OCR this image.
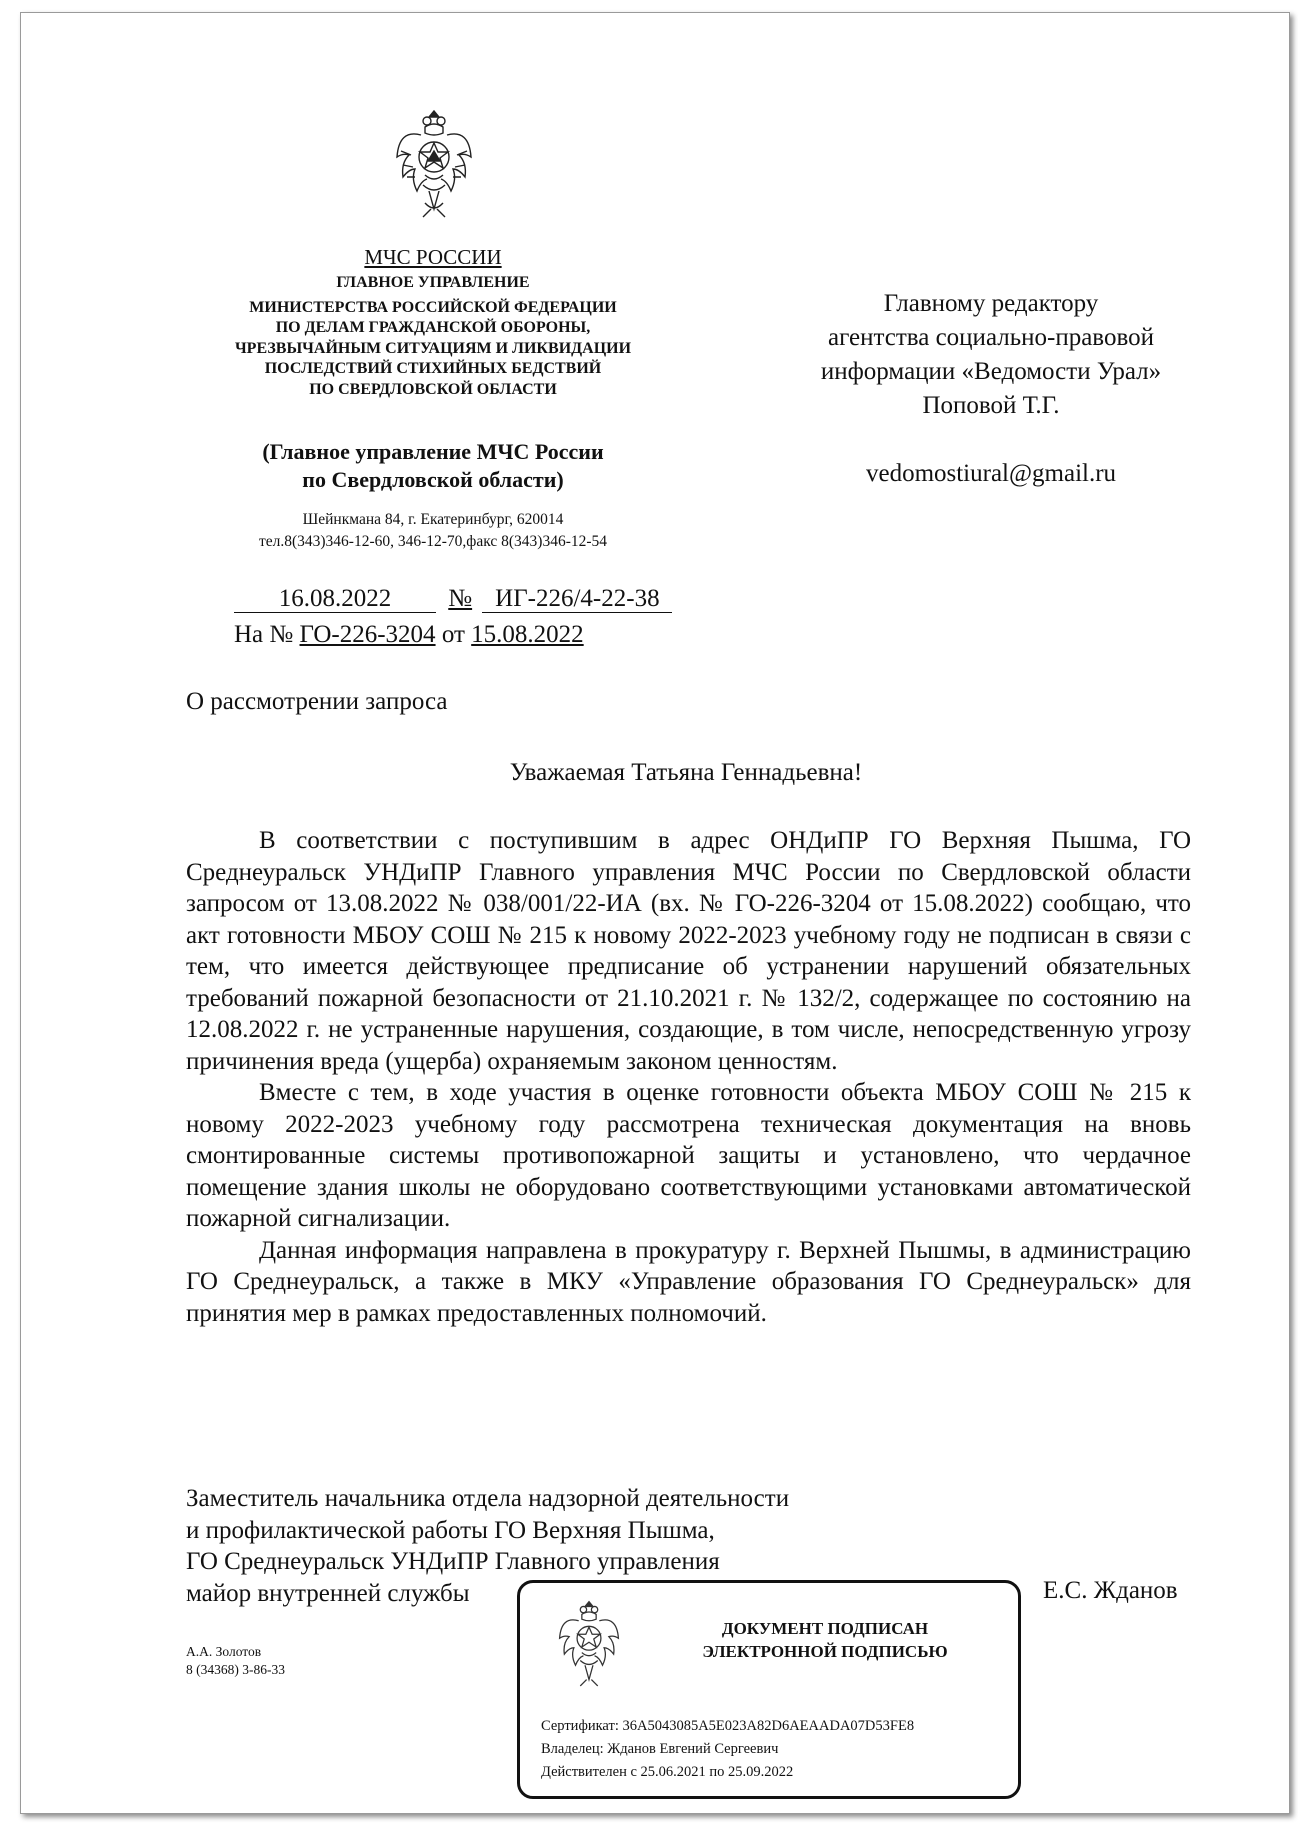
МЧС РОССИИ
ГЛАВНОЕ УПРАВЛЕНИЕ
МИНИСТЕРСТВА РОССИЙСКОЙ ФЕДЕРАЦИИ
ПО ДЕЛАМ ГРАЖДАНСКОЙ ОБОРОНЫ,
ЧРЕЗВЫЧАЙНЫМ СИТУАЦИЯМ И ЛИКВИДАЦИИ
ПОСЛЕДСТВИЙ СТИХИЙНЫХ БЕДСТВИЙ
ПО СВЕРДЛОВСКОЙ ОБЛАСТИ
(Главное управление МЧС России
по Свердловской области)
Шейнкмана 84, г. Екатеринбург, 620014
тел.8(343)346-12-60, 346-12-70,факс 8(343)346-12-54
16.08.2022 № ИГ-226/4-22-38
На № ГО-226-3204 от 15.08.2022
Главному редактору
агентства социально-правовой
информации «Ведомости Урал»
Поповой Т.Г.
vedomostiural@gmail.ru
О рассмотрении запроса
Уважаемая Татьяна Геннадьевна!

В соответствии с поступившим в адрес ОНДиПР ГО Верхняя Пышма, ГО Среднеуральск УНДиПР Главного управления МЧС России по Свердловской области запросом от 13.08.2022 № 038/001/22-ИА (вх. № ГО-226-3204 от 15.08.2022) сообщаю, что акт готовности МБОУ СОШ № 215 к новому 2022-2023 учебному году не подписан в связи с тем, что имеется действующее предписание об устранении нарушений обязательных требований пожарной безопасности от 21.10.2021 г. № 132/2, содержащее по состоянию на 12.08.2022 г. не устраненные нарушения, создающие, в том числе, непосредственную угрозу причинения вреда (ущерба) охраняемым законом ценностям.

Вместе с тем, в ходе участия в оценке готовности объекта МБОУ СОШ № 215 к новому 2022-2023 учебному году рассмотрена техническая документация на вновь смонтированные системы противопожарной защиты и установлено, что чердачное помещение здания школы не оборудовано соответствующими установками автоматической пожарной сигнализации.

Данная информация направлена в прокуратуру г. Верхней Пышмы, в администрацию ГО Среднеуральск, а также в МКУ «Управление образования ГО Среднеуральск» для принятия мер в рамках предоставленных полномочий.

Заместитель начальника отдела надзорной деятельности
и профилактической работы ГО Верхняя Пышма,
ГО Среднеуральск УНДиПР Главного управления
майор внутренней службы	Е.С. Жданов
А.А. Золотов
8 (34368) 3-86-33
ДОКУМЕНТ ПОДПИСАН
ЭЛЕКТРОННОЙ ПОДПИСЬЮ
Сертификат: 36A5043085A5E023A82D6AEAADA07D53FE8
Владелец: Жданов Евгений Сергеевич
Действителен с 25.06.2021 по 25.09.2022
